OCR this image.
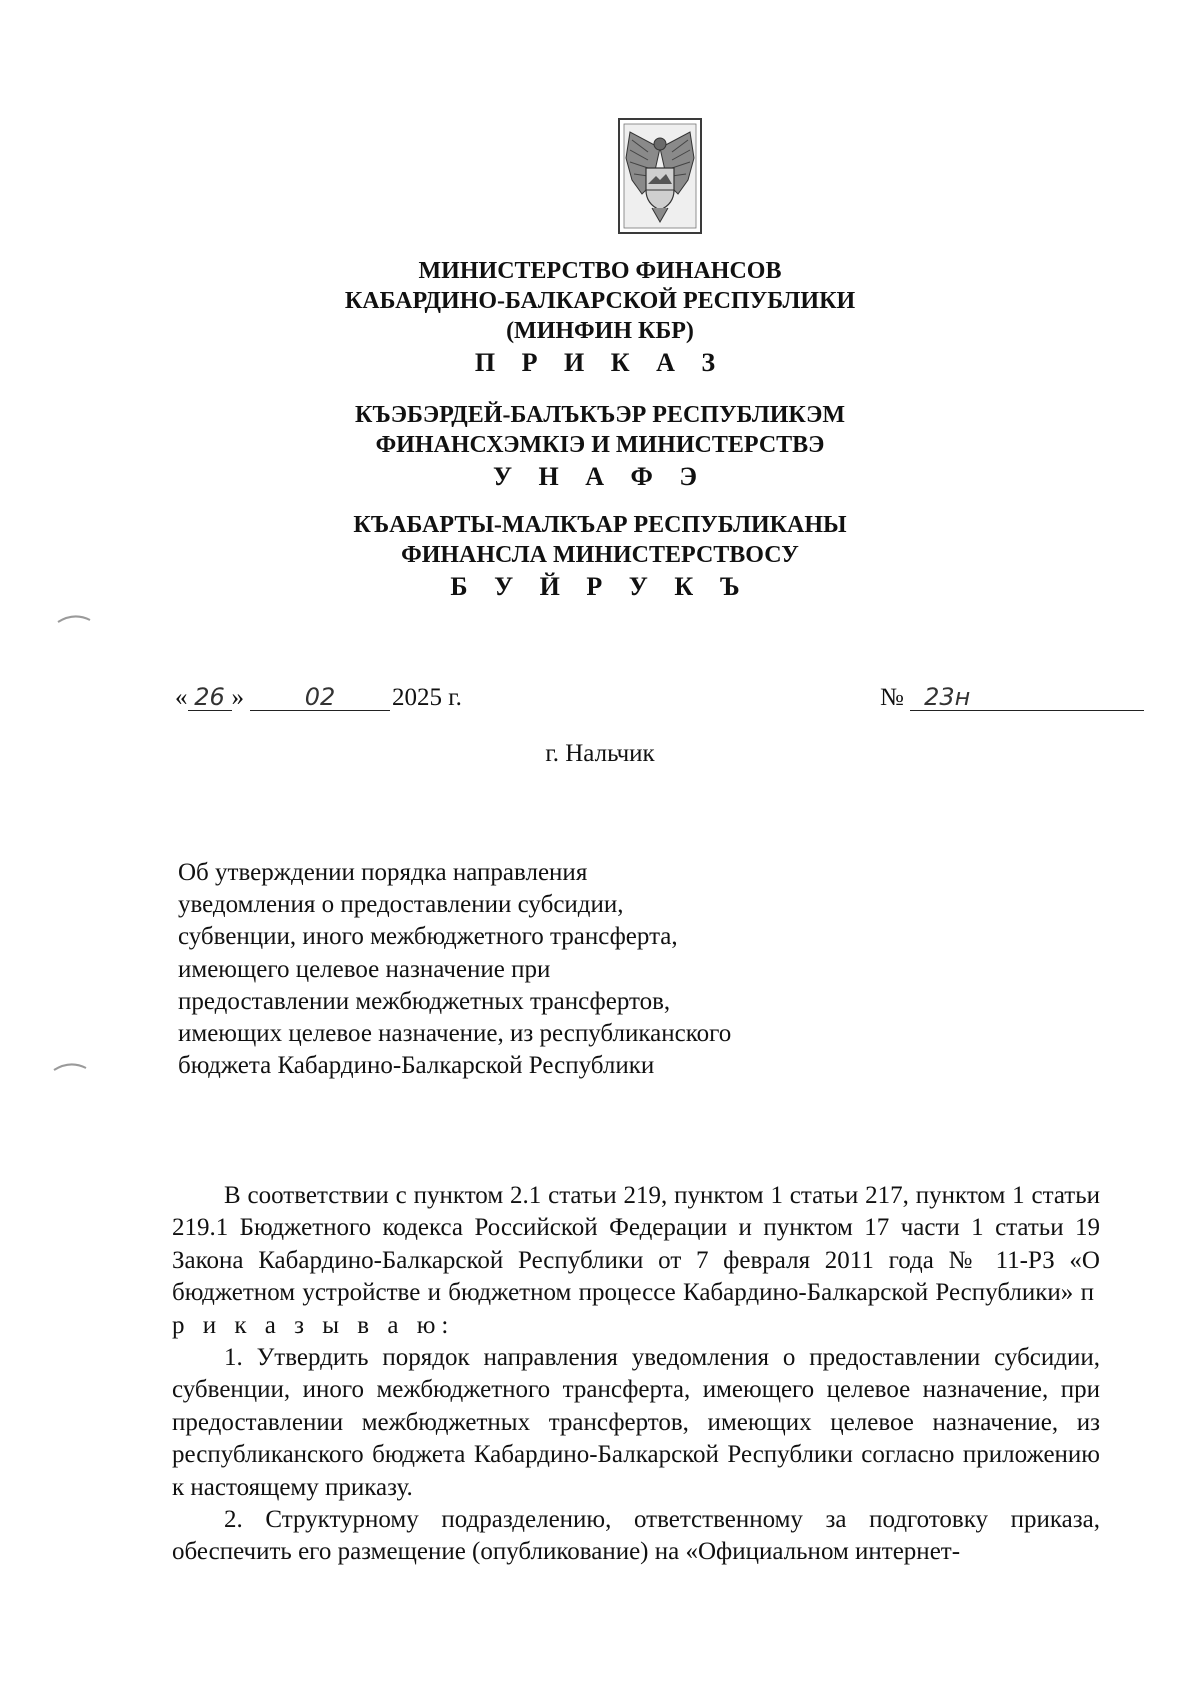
МИНИСТЕРСТВО ФИНАНСОВ
КАБАРДИНО-БАЛКАРСКОЙ РЕСПУБЛИКИ
(МИНФИН КБР)
П Р И К А З
КЪЭБЭРДЕЙ-БАЛЪКЪЭР РЕСПУБЛИКЭМ
ФИНАНСХЭМКIЭ И МИНИСТЕРСТВЭ
У Н А Ф Э
КЪАБАРТЫ-МАЛКЪАР РЕСПУБЛИКАНЫ
ФИНАНСЛА МИНИСТЕРСТВОСУ
Б У Й Р У К Ъ
« 26 »	02 2025 г.	№ 23н
г. Нальчик
Об утверждении порядка направления
уведомления о предоставлении субсидии,
субвенции, иного межбюджетного трансферта,
имеющего целевое назначение при
предоставлении межбюджетных трансфертов,
имеющих целевое назначение, из республиканского
бюджета Кабардино-Балкарской Республики

В соответствии с пунктом 2.1 статьи 219, пунктом 1 статьи 217, пунктом 1 статьи 219.1 Бюджетного кодекса Российской Федерации и пунктом 17 части 1 статьи 19 Закона Кабардино-Балкарской Республики от 7 февраля 2011 года № 11-РЗ «О бюджетном устройстве и бюджетном процессе Кабардино-Балкарской Республики» п р и к а з ы в а ю:

1. Утвердить порядок направления уведомления о предоставлении субсидии, субвенции, иного межбюджетного трансферта, имеющего целевое назначение, при предоставлении межбюджетных трансфертов, имеющих целевое назначение, из республиканского бюджета Кабардино-Балкарской Республики согласно приложению к настоящему приказу.

2. Структурному подразделению, ответственному за подготовку приказа, обеспечить его размещение (опубликование) на «Официальном интернет-
